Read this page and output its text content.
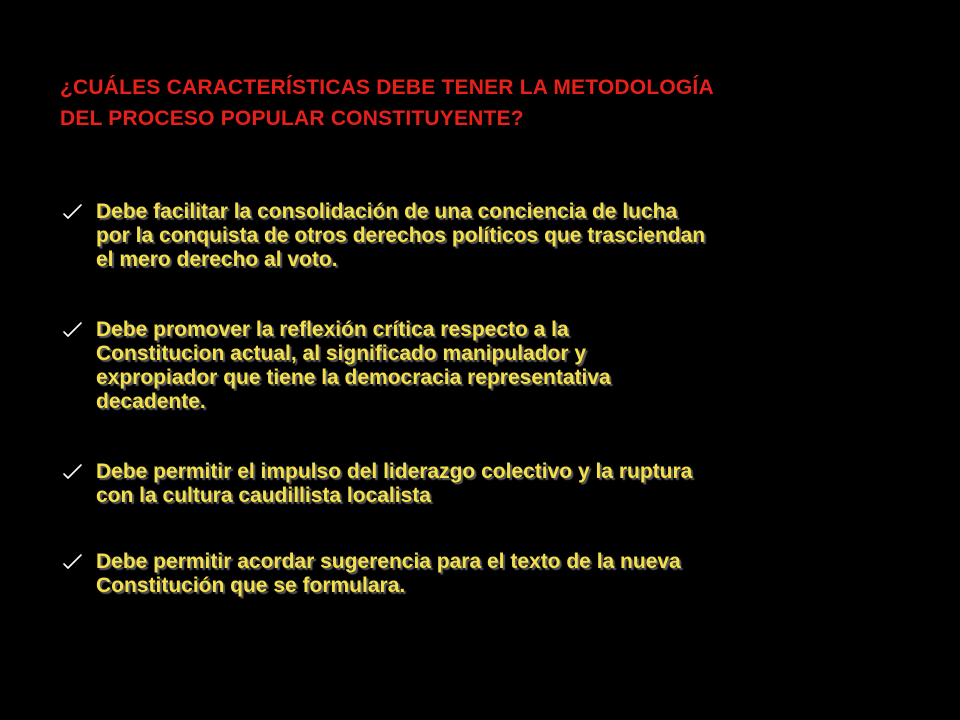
¿CUÁLES CARACTERÍSTICAS DEBE TENER LA METODOLOGÍA
DEL PROCESO POPULAR CONSTITUYENTE?
Debe facilitar la consolidación de una conciencia de lucha
por la conquista de otros derechos políticos que trasciendan
el mero derecho al voto.
Debe promover la reflexión crítica respecto a la
Constitucion actual, al significado manipulador y
expropiador que tiene la democracia representativa
decadente.
Debe permitir el impulso del liderazgo colectivo y la ruptura
con la cultura caudillista localista
Debe permitir acordar sugerencia para el texto de la nueva
Constitución que se formulara.
